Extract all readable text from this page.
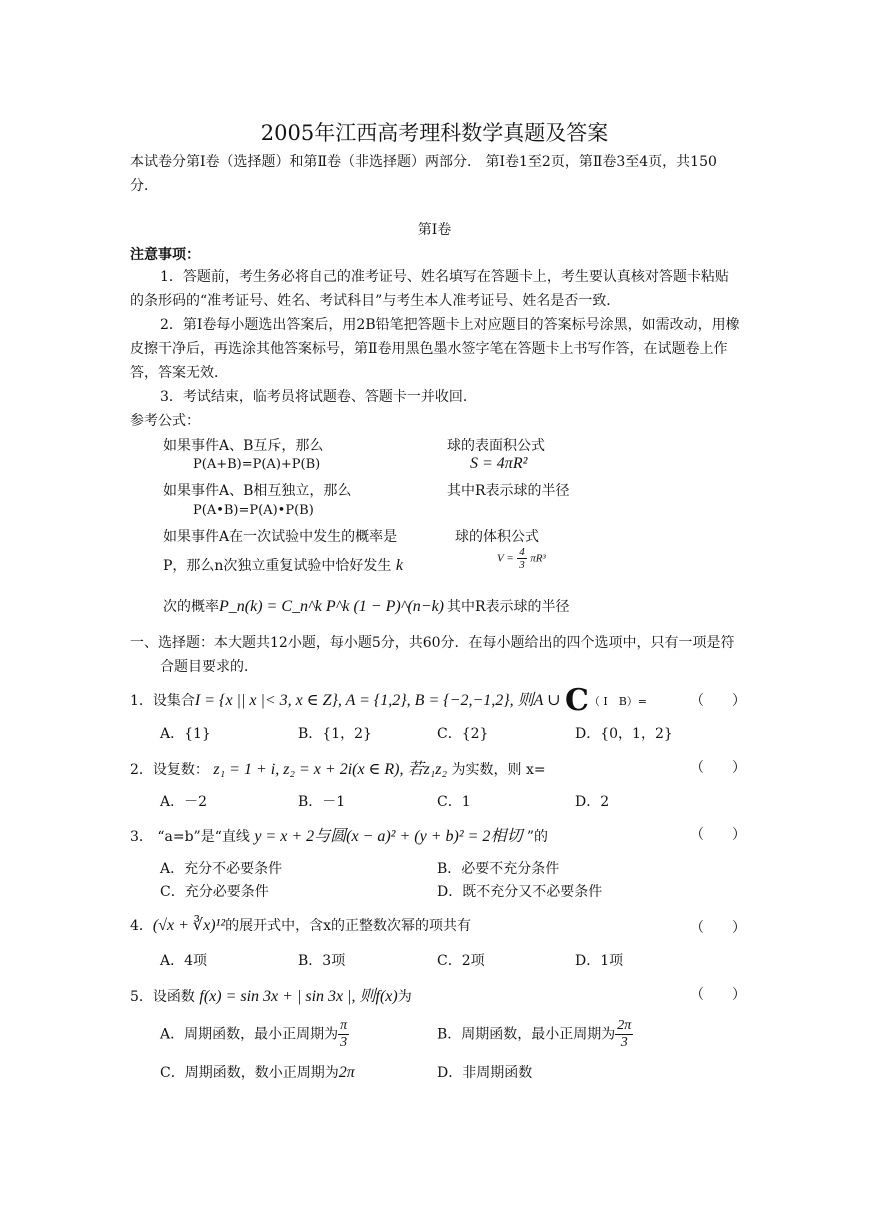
2005年江西高考理科数学真题及答案
本试卷分第Ⅰ卷（选择题）和第Ⅱ卷（非选择题）两部分． 第Ⅰ卷1至2页，第Ⅱ卷3至4页，共150分．
第Ⅰ卷
注意事项：
1．答题前，考生务必将自己的准考证号、姓名填写在答题卡上，考生要认真核对答题卡粘贴的条形码的“准考证号、姓名、考试科目”与考生本人准考证号、姓名是否一致．
2．第Ⅰ卷每小题选出答案后，用2B铅笔把答题卡上对应题目的答案标号涂黑，如需改动，用橡皮擦干净后，再选涂其他答案标号，第Ⅱ卷用黑色墨水签字笔在答题卡上书写作答，在试题卷上作答，答案无效．
3．考试结束，临考员将试题卷、答题卡一并收回．
参考公式：
如果事件A、B互斥，那么
P(A+B)=P(A)+P(B)
如果事件A、B相互独立，那么
P(A•B)=P(A)•P(B)
如果事件A在一次试验中发生的概率是
P，那么n次独立重复试验中恰好发生 k
次的概率P_n(k) = C_n^k P^k (1 − P)^(n−k)
球的表面积公式
S = 4πR²
其中R表示球的半径
球的体积公式
$V = \frac{4}{3} \pi R^3$
其中R表示球的半径
一、选择题：本大题共12小题，每小题5分，共60分．在每小题给出的四个选项中，只有一项是符合题目要求的．
1．设集合I = {x || x |< 3, x ∈ Z}, A = {1,2}, B = {−2,−1,2}, 则A ∪ C（ I　B）=	（　　）
A．{1}	B．{1，2}	C．{2}	D．{0，1，2}
2．设复数： z₁ = 1 + i, z₂ = x + 2i(x ∈ R), 若z₁z₂ 为实数，则 x=	（　　）
A．－2	B．－1	C．1	D．2
3． “a=b”是“直线 y = x + 2与圆(x − a)² + (y + b)² = 2相切 ”的	（　　）
A．充分不必要条件	B．必要不充分条件
C．充分必要条件	D．既不充分又不必要条件
4．(√x + ∛x)¹²的展开式中，含x的正整数次幂的项共有	（　　）
A．4项	B．3项	C．2项	D．1项
5．设函数 f(x) = sin 3x + | sin 3x |, 则f(x)为	（　　）
A．周期函数，最小正周期为 $\frac{\pi}{3}$	B．周期函数，最小正周期为 $\frac{2\pi}{3}$
C．周期函数，数小正周期为2π	D．非周期函数
